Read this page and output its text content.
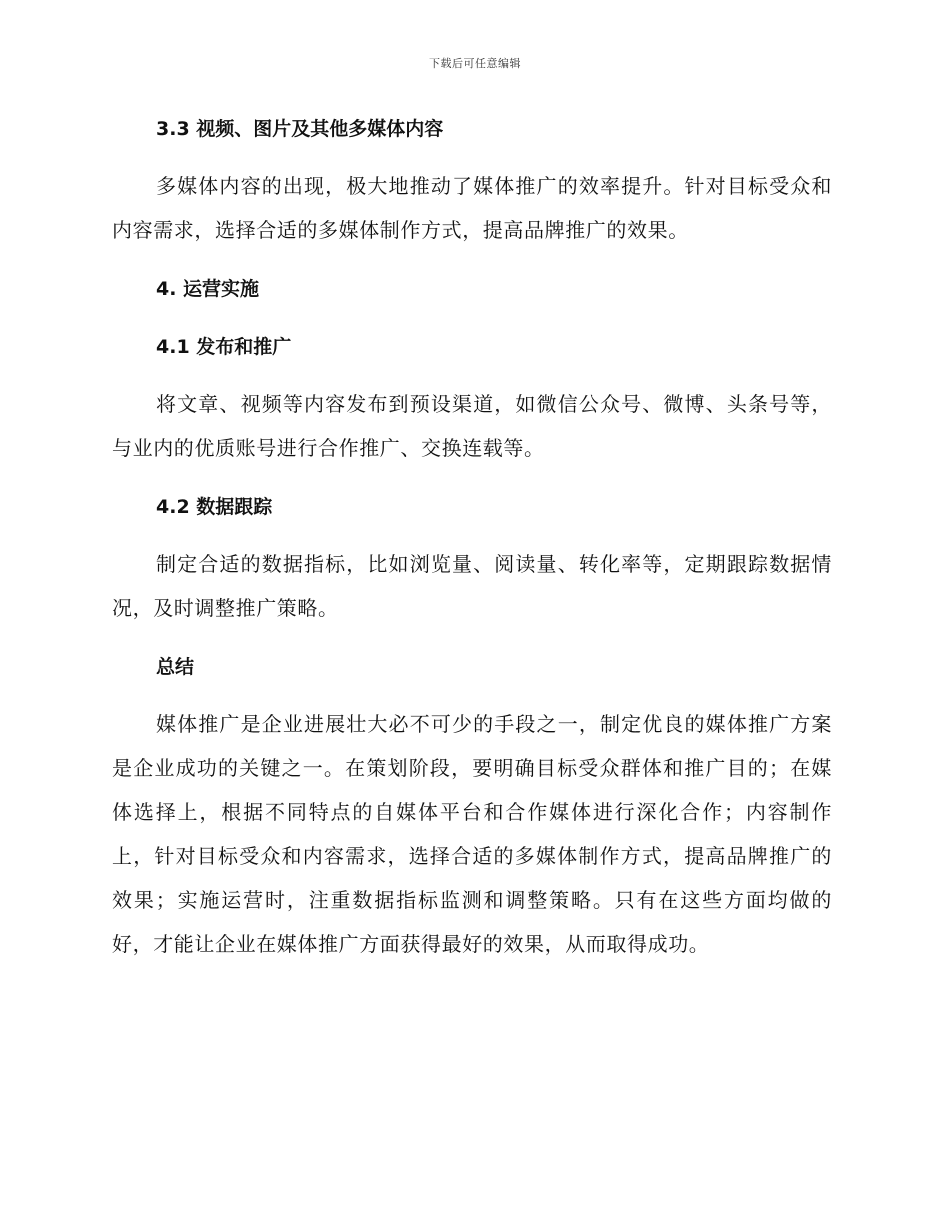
下载后可任意编辑
3.3 视频、图片及其他多媒体内容

多媒体内容的出现，极大地推动了媒体推广的效率提升。针对目标受众和内容需求，选择合适的多媒体制作方式，提高品牌推广的效果。

4. 运营实施
4.1 发布和推广

将文章、视频等内容发布到预设渠道，如微信公众号、微博、头条号等，与业内的优质账号进行合作推广、交换连载等。

4.2 数据跟踪

制定合适的数据指标，比如浏览量、阅读量、转化率等，定期跟踪数据情况，及时调整推广策略。

总结

媒体推广是企业进展壮大必不可少的手段之一，制定优良的媒体推广方案是企业成功的关键之一。在策划阶段，要明确目标受众群体和推广目的；在媒体选择上，根据不同特点的自媒体平台和合作媒体进行深化合作；内容制作上，针对目标受众和内容需求，选择合适的多媒体制作方式，提高品牌推广的效果；实施运营时，注重数据指标监测和调整策略。只有在这些方面均做的好，才能让企业在媒体推广方面获得最好的效果，从而取得成功。
